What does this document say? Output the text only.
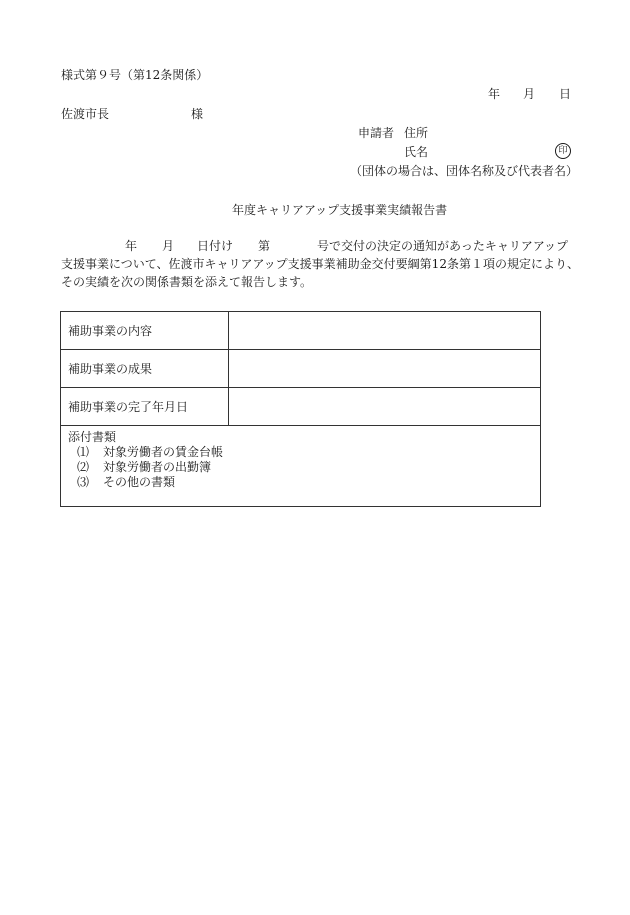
様式第９号（第12条関係）
年 月 日
佐渡市長	様
申請者 住所
氏名	印
（団体の場合は、団体名称及び代表者名）
年度キャリアアップ支援事業実績報告書
年 月 日付け 第	号で交付の決定の通知があったキャリアアップ
支援事業について、佐渡市キャリアアップ支援事業補助金交付要綱第12条第１項の規定により、
その実績を次の関係書類を添えて報告します。
補助事業の内容	
補助事業の成果	
補助事業の完了年月日	
添付書類
⑴ 対象労働者の賃金台帳
⑵ 対象労働者の出勤簿
⑶ その他の書類	
